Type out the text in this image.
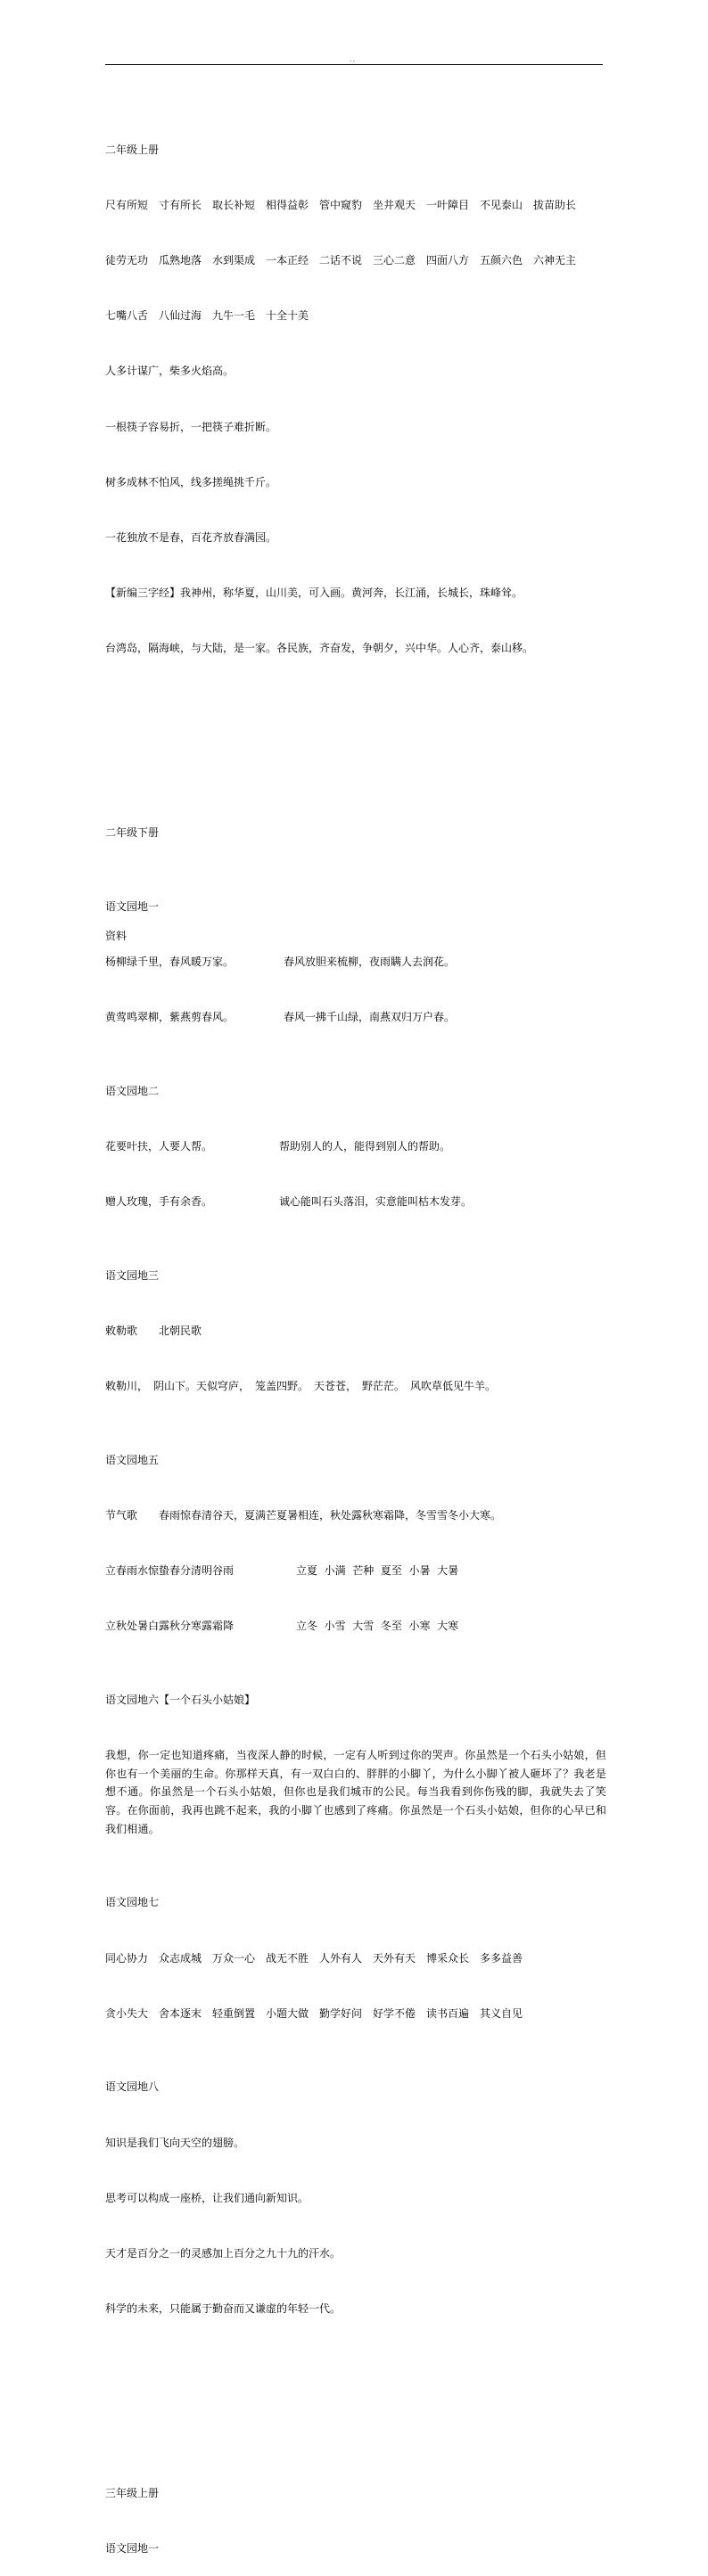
..

二年级上册

尺有所短　寸有所长　取长补短　相得益彰　管中窥豹　坐井观天　一叶障目　不见泰山　拔苗助长

徒劳无功　瓜熟地落　水到渠成　一本正经　二话不说　三心二意　四面八方　五颜六色　六神无主

七嘴八舌　八仙过海　九牛一毛　十全十美

人多计谋广，柴多火焰高。

一根筷子容易折，一把筷子难折断。

树多成林不怕风，线多搓绳挑千斤。

一花独放不是春，百花齐放春满园。

【新编三字经】我神州，称华夏，山川美，可入画。黄河奔，长江涌，长城长，珠峰耸。

台湾岛，隔海峡，与大陆，是一家。各民族，齐奋发，争朝夕，兴中华。人心齐，泰山移。

二年级下册

语文园地一

杨柳绿千里，春风暖万家。	春风放胆来梳柳，夜雨瞒人去润花。

黄莺鸣翠柳，紫燕剪春风。	春风一拂千山绿，南燕双归万户春。

语文园地二

花要叶扶，人要人帮。	帮助别人的人，能得到别人的帮助。

赠人玫瑰，手有余香。	诚心能叫石头落泪，实意能叫枯木发芽。

语文园地三

敕勒歌　　北朝民歌

敕勒川，　阴山下。天似穹庐，　笼盖四野。　天苍苍，　野茫茫。　风吹草低见牛羊。

语文园地五

节气歌　　春雨惊春清谷天，夏满芒夏暑相连，秋处露秋寒霜降，冬雪雪冬小大寒。

立春雨水惊蛰春分清明谷雨	立夏  小满  芒种  夏至  小暑  大暑

立秋处暑白露秋分寒露霜降	立冬  小雪  大雪  冬至  小寒  大寒

语文园地六【一个石头小姑娘】

我想，你一定也知道疼痛，当夜深人静的时候，一定有人听到过你的哭声。你虽然是一个石头小姑娘，但你也有一个美丽的生命。你那样天真，有一双白白的、胖胖的小脚丫，为什么小脚丫被人砸坏了？我老是想不通。你虽然是一个石头小姑娘，但你也是我们城市的公民。每当我看到你伤残的脚，我就失去了笑容。在你面前，我再也跳不起来，我的小脚丫也感到了疼痛。你虽然是一个石头小姑娘，但你的心早已和我们相通。

语文园地七

同心协力　众志成城　万众一心　战无不胜　人外有人　天外有天　博采众长　多多益善

贪小失大　舍本逐末　轻重倒置　小题大做　勤学好问　好学不倦　读书百遍　其义自见

语文园地八

知识是我们飞向天空的翅膀。

思考可以构成一座桥，让我们通向新知识。

天才是百分之一的灵感加上百分之九十九的汗水。

科学的未来，只能属于勤奋而又谦虚的年轻一代。

三年级上册

语文园地一

资料
